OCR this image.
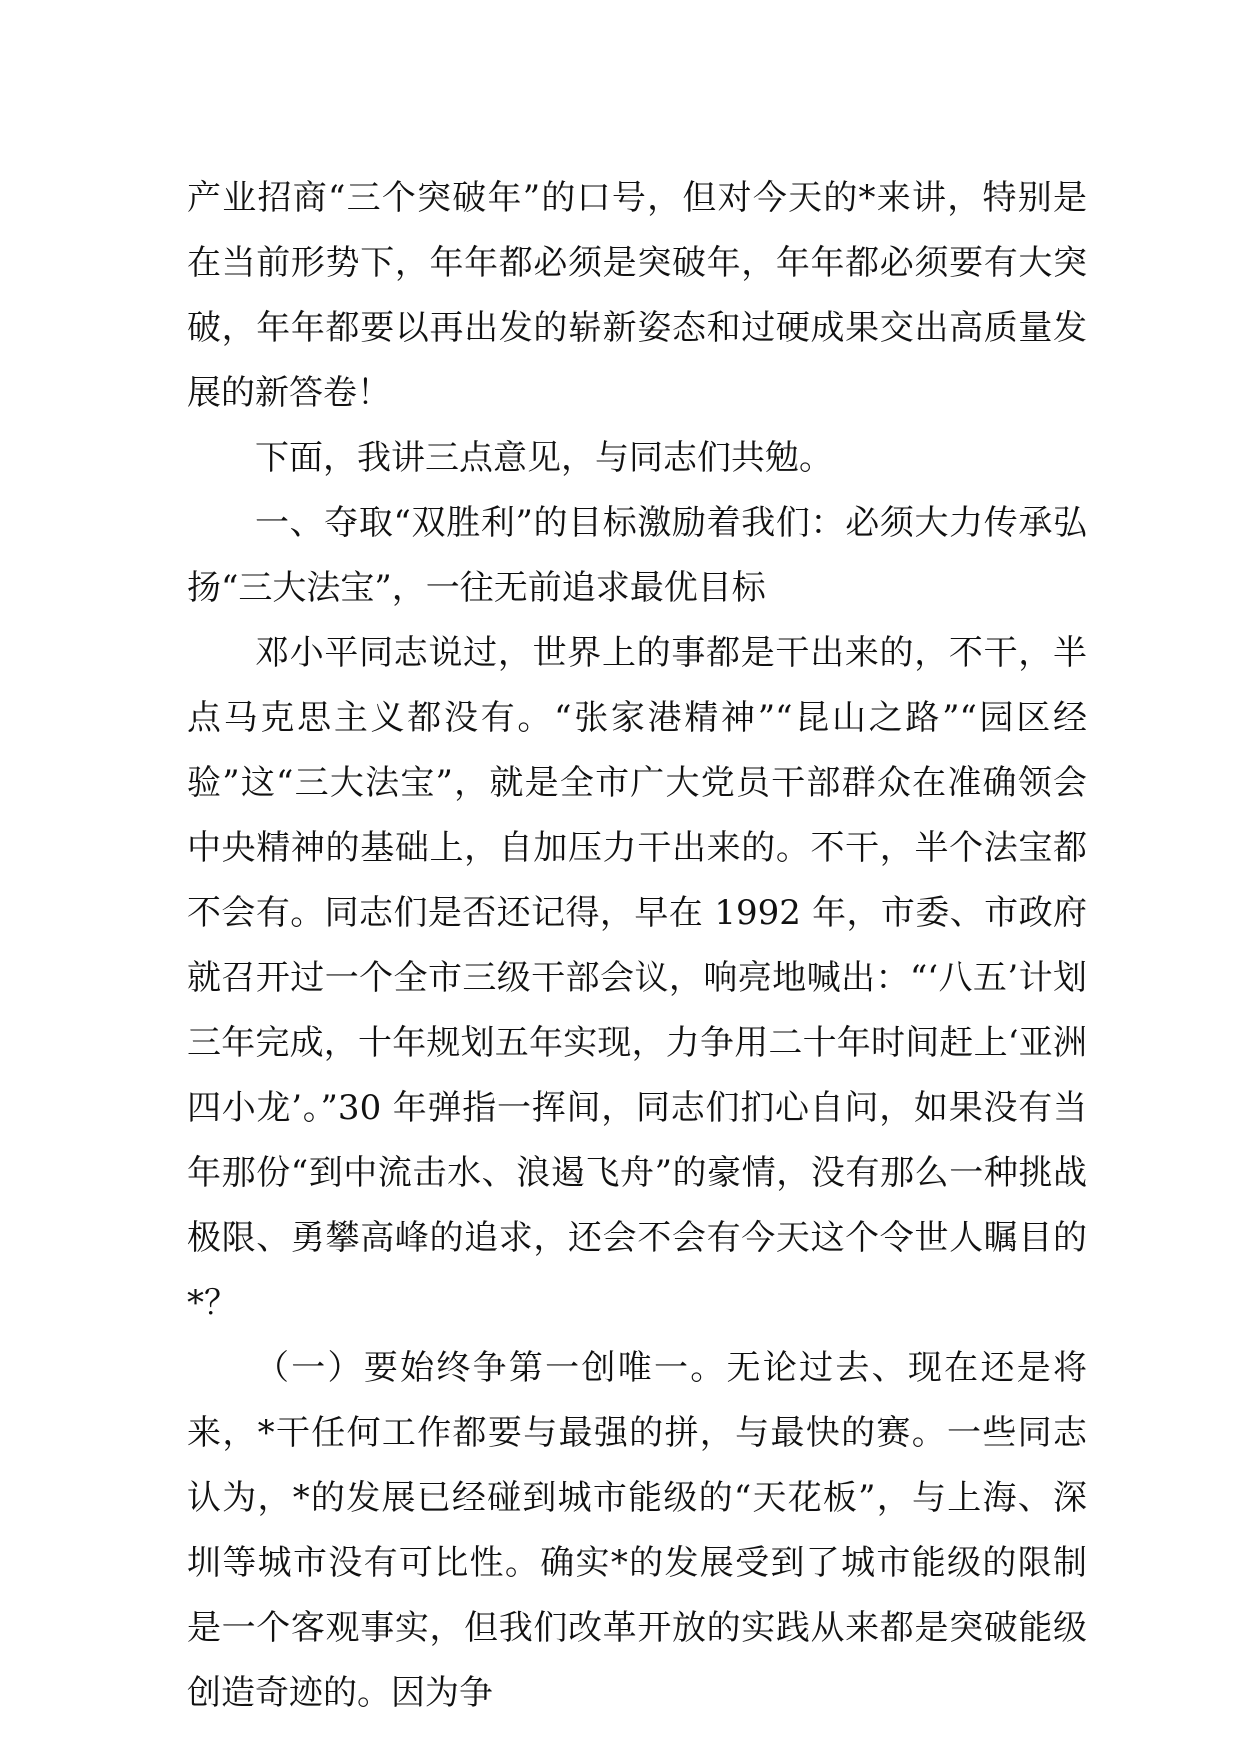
产业招商“三个突破年”的口号，但对今天的*来讲，特别是在当前形势下，年年都必须是突破年，年年都必须要有大突破，年年都要以再出发的崭新姿态和过硬成果交出高质量发展的新答卷！

下面，我讲三点意见，与同志们共勉。

一、夺取“双胜利”的目标激励着我们：必须大力传承弘扬“三大法宝”，一往无前追求最优目标

邓小平同志说过，世界上的事都是干出来的，不干，半点马克思主义都没有。“张家港精神”“昆山之路”“园区经验”这“三大法宝”，就是全市广大党员干部群众在准确领会中央精神的基础上，自加压力干出来的。不干，半个法宝都不会有。同志们是否还记得，早在 1992 年，市委、市政府就召开过一个全市三级干部会议，响亮地喊出：“‘八五’计划三年完成，十年规划五年实现，力争用二十年时间赶上‘亚洲四小龙’。”30 年弹指一挥间，同志们扪心自问，如果没有当年那份“到中流击水、浪遏飞舟”的豪情，没有那么一种挑战极限、勇攀高峰的追求，还会不会有今天这个令世人瞩目的*？

（一）要始终争第一创唯一。无论过去、现在还是将来，*干任何工作都要与最强的拼，与最快的赛。一些同志认为，*的发展已经碰到城市能级的“天花板”，与上海、深圳等城市没有可比性。确实*的发展受到了城市能级的限制是一个客观事实，但我们改革开放的实践从来都是突破能级创造奇迹的。因为争
